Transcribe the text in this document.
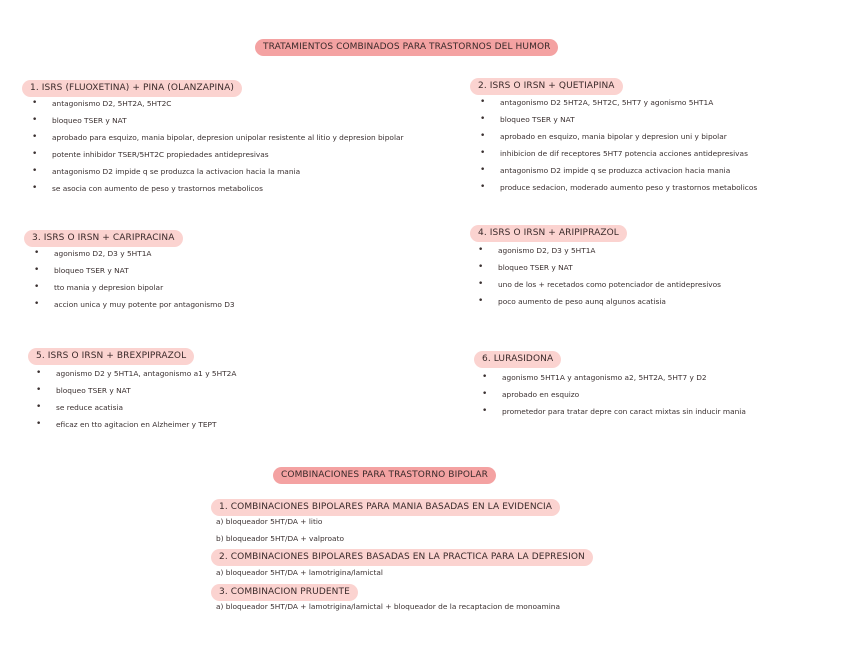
TRATAMIENTOS COMBINADOS PARA TRASTORNOS DEL HUMOR
1. ISRS (FLUOXETINA) + PINA (OLANZAPINA)
• antagonismo D2, 5HT2A, 5HT2C
• bloqueo TSER y NAT
• aprobado para esquizo, mania bipolar, depresion unipolar resistente al litio y depresion bipolar
• potente inhibidor TSER/5HT2C propiedades antidepresivas
• antagonismo D2 impide q se produzca la activacion hacia la mania
• se asocia con aumento de peso y trastornos metabolicos
2. ISRS O IRSN + QUETIAPINA
• antagonismo D2 5HT2A, 5HT2C, 5HT7 y agonismo 5HT1A
• bloqueo TSER y NAT
• aprobado en esquizo, mania bipolar y depresion uni y bipolar
• inhibicion de dif receptores 5HT7 potencia acciones antidepresivas
• antagonismo D2 impide q se produzca activacion hacia mania
• produce sedacion, moderado aumento peso y trastornos metabolicos
3. ISRS O IRSN + CARIPRACINA
• agonismo D2, D3 y 5HT1A
• bloqueo TSER y NAT
• tto mania y depresion bipolar
• accion unica y muy potente por antagonismo D3
4. ISRS O IRSN + ARIPIPRAZOL
• agonismo D2, D3 y 5HT1A
• bloqueo TSER y NAT
• uno de los + recetados como potenciador de antidepresivos
• poco aumento de peso aunq algunos acatisia
5. ISRS O IRSN + BREXPIPRAZOL
• agonismo D2 y 5HT1A, antagonismo a1 y 5HT2A
• bloqueo TSER y NAT
• se reduce acatisia
• eficaz en tto agitacion en Alzheimer y TEPT
6. LURASIDONA
• agonismo 5HT1A y antagonismo a2, 5HT2A, 5HT7 y D2
• aprobado en esquizo
• prometedor para tratar depre con caract mixtas sin inducir mania
COMBINACIONES PARA TRASTORNO BIPOLAR
1. COMBINACIONES BIPOLARES PARA MANIA BASADAS EN LA EVIDENCIA
a) bloqueador 5HT/DA + litio
b) bloqueador 5HT/DA + valproato
2. COMBINACIONES BIPOLARES BASADAS EN LA PRACTICA PARA LA DEPRESION
a) bloqueador 5HT/DA + lamotrigina/lamictal
3. COMBINACION PRUDENTE
a) bloqueador 5HT/DA + lamotrigina/lamictal + bloqueador de la recaptacion de monoamina
